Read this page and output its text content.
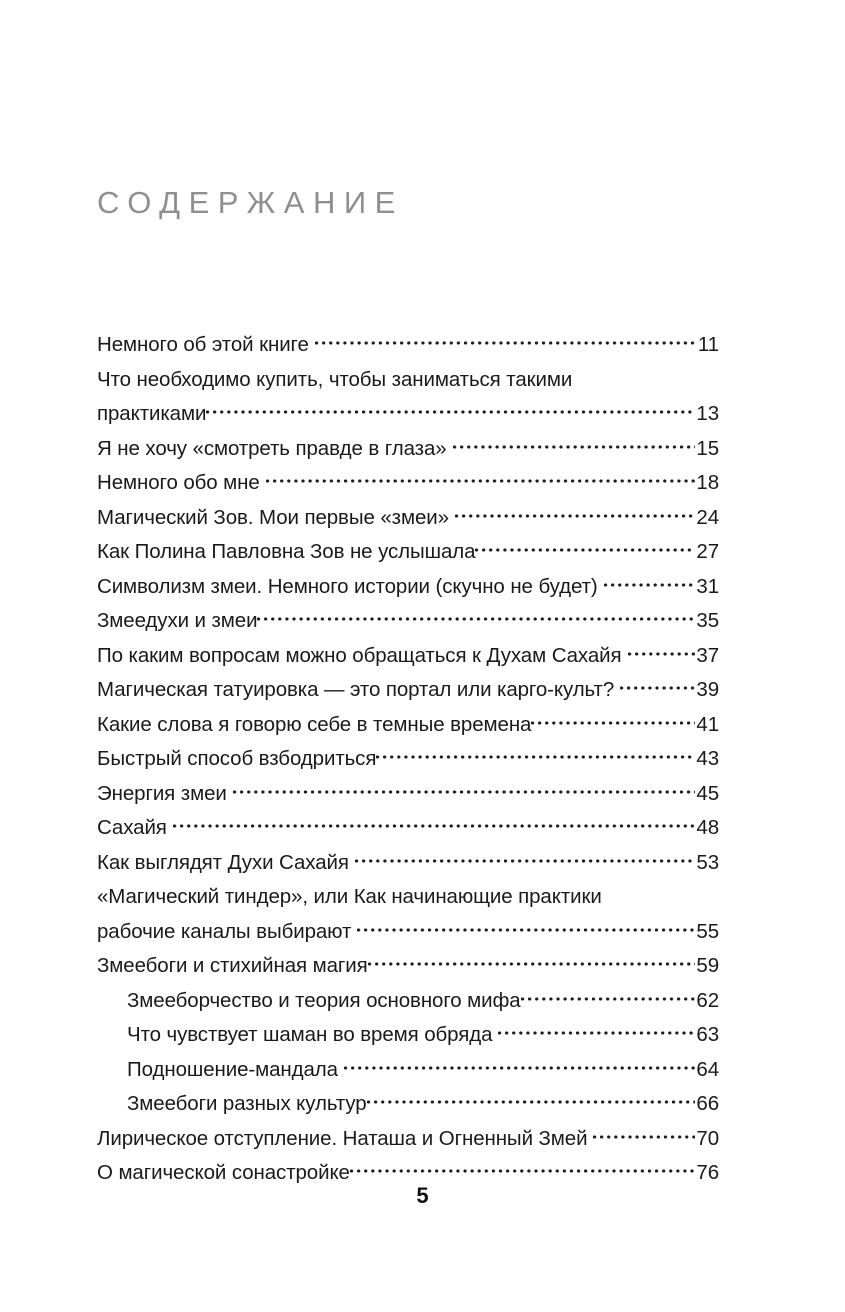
СОДЕРЖАНИЕ
Немного об этой книге	11
Что необходимо купить, чтобы заниматься такими
практиками	13
Я не хочу «смотреть правде в глаза»	15
Немного обо мне	18
Магический Зов. Мои первые «змеи»	24
Как Полина Павловна Зов не услышала	27
Символизм змеи. Немного истории (скучно не будет)	31
Змеедухи и змеи	35
По каким вопросам можно обращаться к Духам Сахайя	37
Магическая татуировка — это портал или карго-культ?	39
Какие слова я говорю себе в темные времена	41
Быстрый способ взбодриться	43
Энергия змеи	45
Сахайя	48
Как выглядят Духи Сахайя	53
«Магический тиндер», или Как начинающие практики
рабочие каналы выбирают	55
Змеебоги и стихийная магия	59
Змееборчество и теория основного мифа	62
Что чувствует шаман во время обряда	63
Подношение-мандала	64
Змеебоги разных культур	66
Лирическое отступление. Наташа и Огненный Змей	70
О магической сонастройке	76
5
